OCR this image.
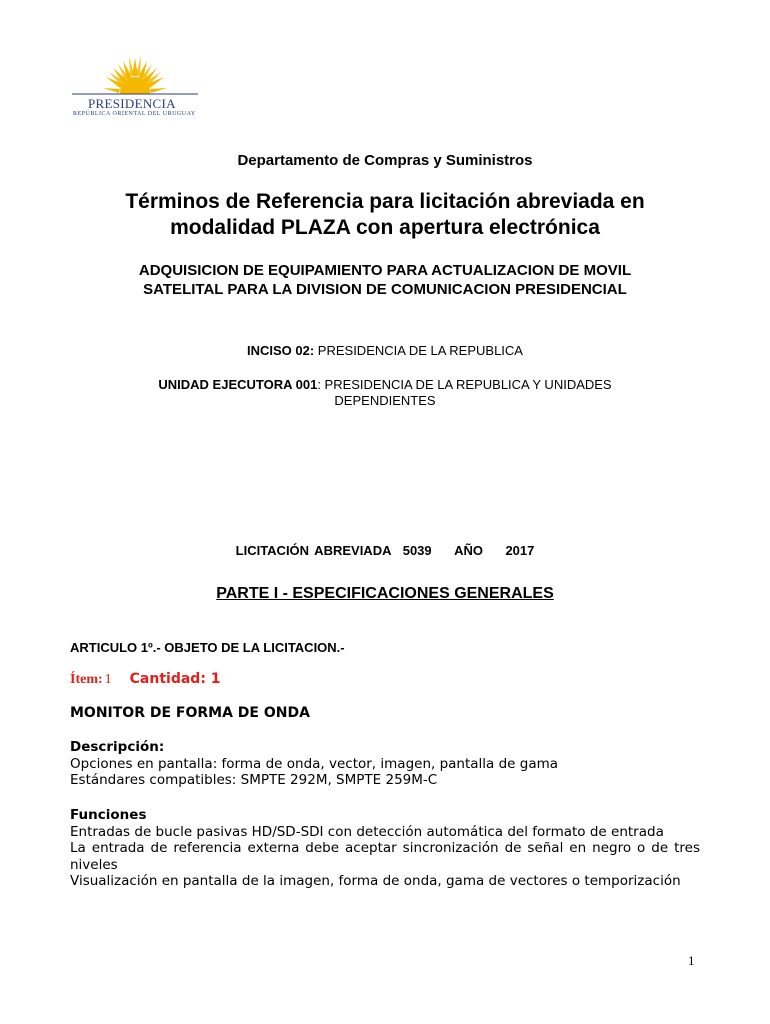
PRESIDENCIA
REPÚBLICA ORIENTAL DEL URUGUAY
Departamento de Compras y Suministros
Términos de Referencia para licitación abreviada en
modalidad PLAZA con apertura electrónica
ADQUISICION DE EQUIPAMIENTO PARA ACTUALIZACION DE MOVIL
SATELITAL PARA LA DIVISION DE COMUNICACION PRESIDENCIAL
INCISO 02: PRESIDENCIA DE LA REPUBLICA
UNIDAD EJECUTORA 001: PRESIDENCIA DE LA REPUBLICA Y UNIDADES
DEPENDIENTES
LICITACIÓN ABREVIADA 5039 AÑO 2017
PARTE I - ESPECIFICACIONES GENERALES
ARTICULO 1º.- OBJETO DE LA LICITACION.-
Ítem: 1 Cantidad: 1
MONITOR DE FORMA DE ONDA
Descripción:
Opciones en pantalla: forma de onda, vector, imagen, pantalla de gama
Estándares compatibles: SMPTE 292M, SMPTE 259M-C
Funciones
Entradas de bucle pasivas HD/SD-SDI con detección automática del formato de entrada
La entrada de referencia externa debe aceptar sincronización de señal en negro o de tres niveles
Visualización en pantalla de la imagen, forma de onda, gama de vectores o temporización
1
